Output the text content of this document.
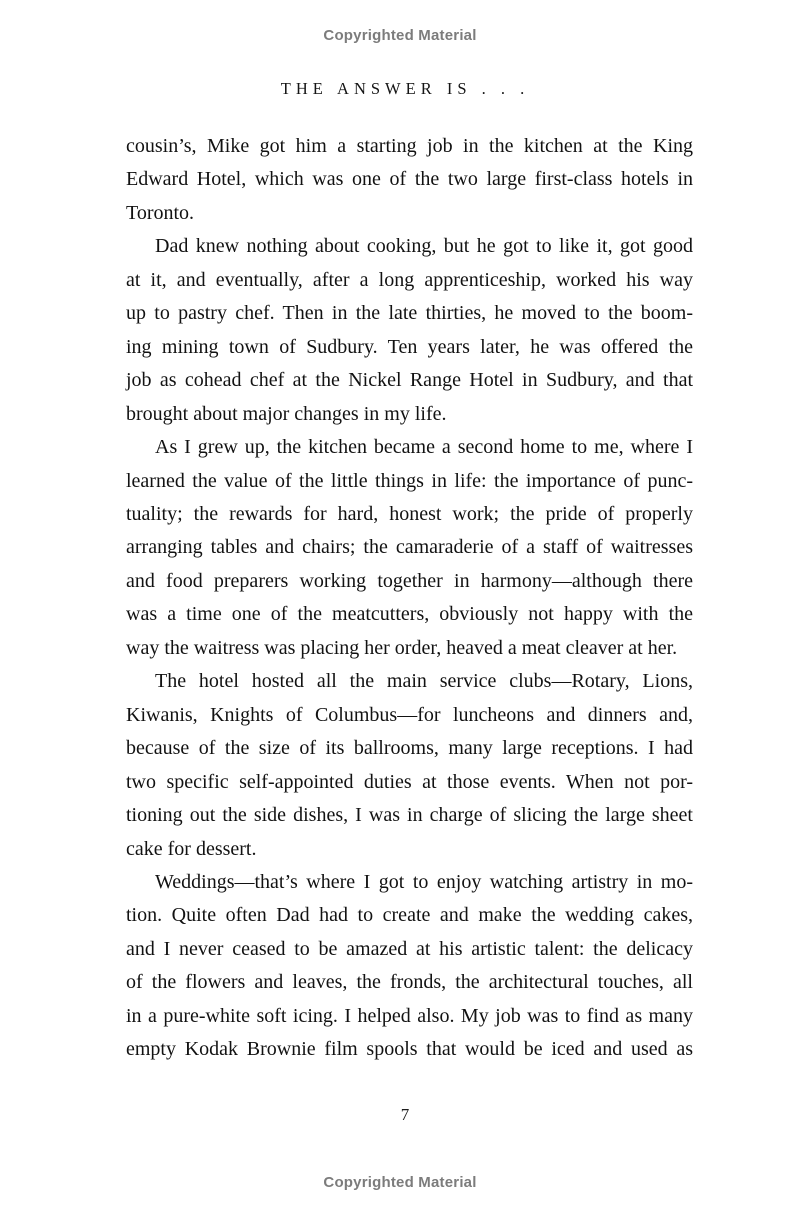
Copyrighted Material
THE ANSWER IS . . .
cousin’s, Mike got him a starting job in the kitchen at the King
Edward Hotel, which was one of the two large first-class hotels in
Toronto.
Dad knew nothing about cooking, but he got to like it, got good
at it, and eventually, after a long apprenticeship, worked his way
up to pastry chef. Then in the late thirties, he moved to the boom-
ing mining town of Sudbury. Ten years later, he was offered the
job as cohead chef at the Nickel Range Hotel in Sudbury, and that
brought about major changes in my life.
As I grew up, the kitchen became a second home to me, where I
learned the value of the little things in life: the importance of punc-
tuality; the rewards for hard, honest work; the pride of properly
arranging tables and chairs; the camaraderie of a staff of waitresses
and food preparers working together in harmony—although there
was a time one of the meatcutters, obviously not happy with the
way the waitress was placing her order, heaved a meat cleaver at her.
The hotel hosted all the main service clubs—Rotary, Lions,
Kiwanis, Knights of Columbus—for luncheons and dinners and,
because of the size of its ballrooms, many large receptions. I had
two specific self-appointed duties at those events. When not por-
tioning out the side dishes, I was in charge of slicing the large sheet
cake for dessert.
Weddings—that’s where I got to enjoy watching artistry in mo-
tion. Quite often Dad had to create and make the wedding cakes,
and I never ceased to be amazed at his artistic talent: the delicacy
of the flowers and leaves, the fronds, the architectural touches, all
in a pure-white soft icing. I helped also. My job was to find as many
empty Kodak Brownie film spools that would be iced and used as
7
Copyrighted Material
